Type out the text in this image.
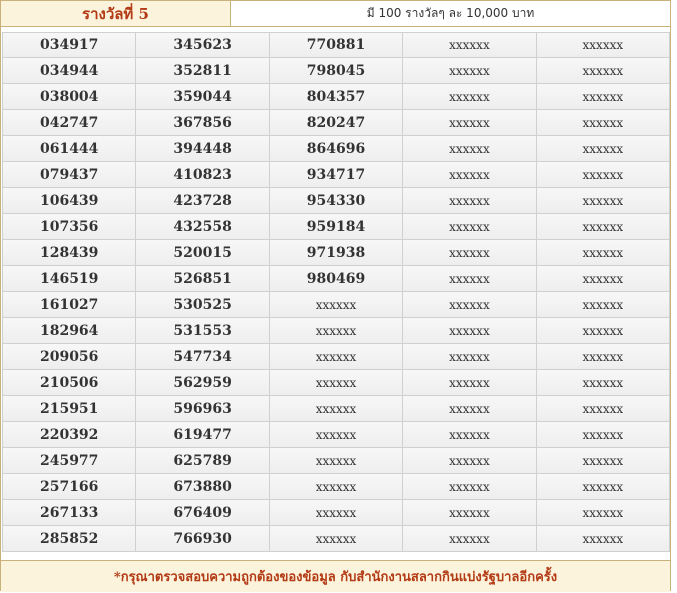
รางวัลที่ 5	มี 100 รางวัลๆ ละ 10,000 บาท
034917	345623	770881	xxxxxx	xxxxxx
034944	352811	798045	xxxxxx	xxxxxx
038004	359044	804357	xxxxxx	xxxxxx
042747	367856	820247	xxxxxx	xxxxxx
061444	394448	864696	xxxxxx	xxxxxx
079437	410823	934717	xxxxxx	xxxxxx
106439	423728	954330	xxxxxx	xxxxxx
107356	432558	959184	xxxxxx	xxxxxx
128439	520015	971938	xxxxxx	xxxxxx
146519	526851	980469	xxxxxx	xxxxxx
161027	530525	xxxxxx	xxxxxx	xxxxxx
182964	531553	xxxxxx	xxxxxx	xxxxxx
209056	547734	xxxxxx	xxxxxx	xxxxxx
210506	562959	xxxxxx	xxxxxx	xxxxxx
215951	596963	xxxxxx	xxxxxx	xxxxxx
220392	619477	xxxxxx	xxxxxx	xxxxxx
245977	625789	xxxxxx	xxxxxx	xxxxxx
257166	673880	xxxxxx	xxxxxx	xxxxxx
267133	676409	xxxxxx	xxxxxx	xxxxxx
285852	766930	xxxxxx	xxxxxx	xxxxxx
*กรุณาตรวจสอบความถูกต้องของข้อมูล กับสำนักงานสลากกินแบ่งรัฐบาลอีกครั้ง
